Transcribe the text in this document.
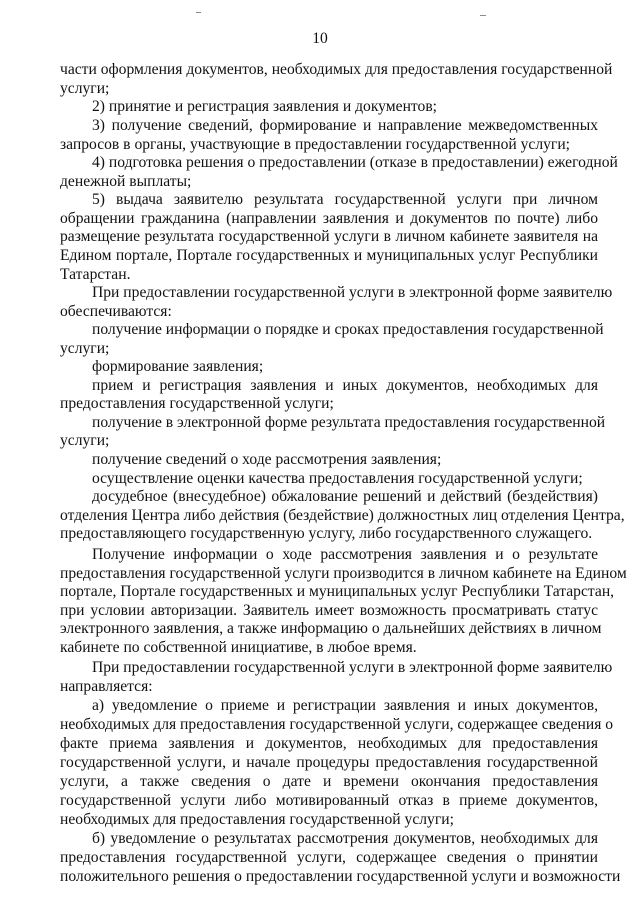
10
части оформления документов, необходимых для предоставления государственной
услуги;
2) принятие и регистрация заявления и документов;
3) получение сведений, формирование и направление межведомственных
запросов в органы, участвующие в предоставлении государственной услуги;
4) подготовка решения о предоставлении (отказе в предоставлении) ежегодной
денежной выплаты;
5) выдача заявителю результата государственной услуги при личном
обращении гражданина (направлении заявления и документов по почте) либо
размещение результата государственной услуги в личном кабинете заявителя на
Едином портале, Портале государственных и муниципальных услуг Республики
Татарстан.
При предоставлении государственной услуги в электронной форме заявителю
обеспечиваются:
получение информации о порядке и сроках предоставления государственной
услуги;
формирование заявления;
прием и регистрация заявления и иных документов, необходимых для
предоставления государственной услуги;
получение в электронной форме результата предоставления государственной
услуги;
получение сведений о ходе рассмотрения заявления;
осуществление оценки качества предоставления государственной услуги;
досудебное (внесудебное) обжалование решений и действий (бездействия)
отделения Центра либо действия (бездействие) должностных лиц отделения Центра,
предоставляющего государственную услугу, либо государственного служащего.
Получение информации о ходе рассмотрения заявления и о результате
предоставления государственной услуги производится в личном кабинете на Едином
портале, Портале государственных и муниципальных услуг Республики Татарстан,
при условии авторизации. Заявитель имеет возможность просматривать статус
электронного заявления, а также информацию о дальнейших действиях в личном
кабинете по собственной инициативе, в любое время.
При предоставлении государственной услуги в электронной форме заявителю
направляется:
а) уведомление о приеме и регистрации заявления и иных документов,
необходимых для предоставления государственной услуги, содержащее сведения о
факте приема заявления и документов, необходимых для предоставления
государственной услуги, и начале процедуры предоставления государственной
услуги, а также сведения о дате и времени окончания предоставления
государственной услуги либо мотивированный отказ в приеме документов,
необходимых для предоставления государственной услуги;
б) уведомление о результатах рассмотрения документов, необходимых для
предоставления государственной услуги, содержащее сведения о принятии
положительного решения о предоставлении государственной услуги и возможности
